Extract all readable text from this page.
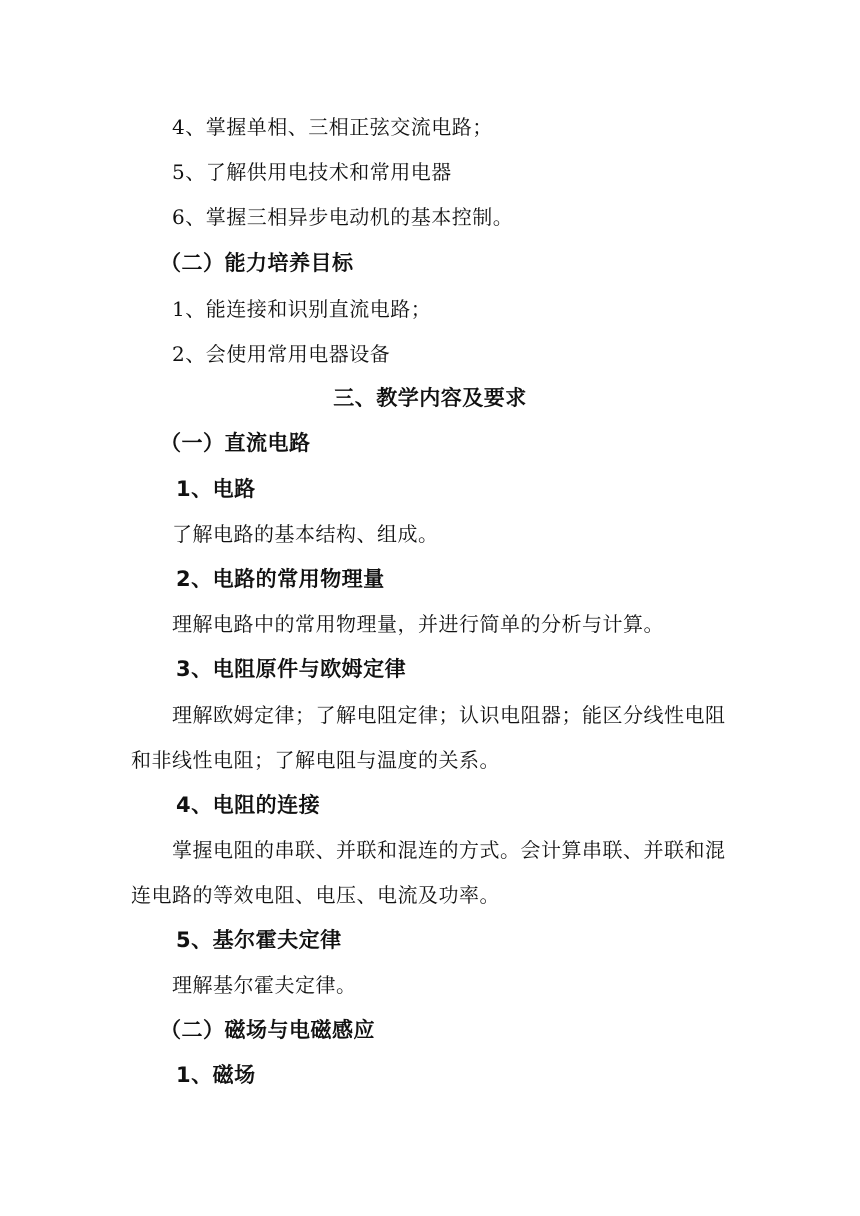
4、掌握单相、三相正弦交流电路；
5、了解供用电技术和常用电器
6、掌握三相异步电动机的基本控制。
（二）能力培养目标
1、能连接和识别直流电路；
2、会使用常用电器设备
三、教学内容及要求
（一）直流电路
1、电路
了解电路的基本结构、组成。
2、电路的常用物理量
理解电路中的常用物理量，并进行简单的分析与计算。
3、电阻原件与欧姆定律
理解欧姆定律；了解电阻定律；认识电阻器；能区分线性电阻
和非线性电阻；了解电阻与温度的关系。
4、电阻的连接
掌握电阻的串联、并联和混连的方式。会计算串联、并联和混
连电路的等效电阻、电压、电流及功率。
5、基尔霍夫定律
理解基尔霍夫定律。
（二）磁场与电磁感应
1、磁场
